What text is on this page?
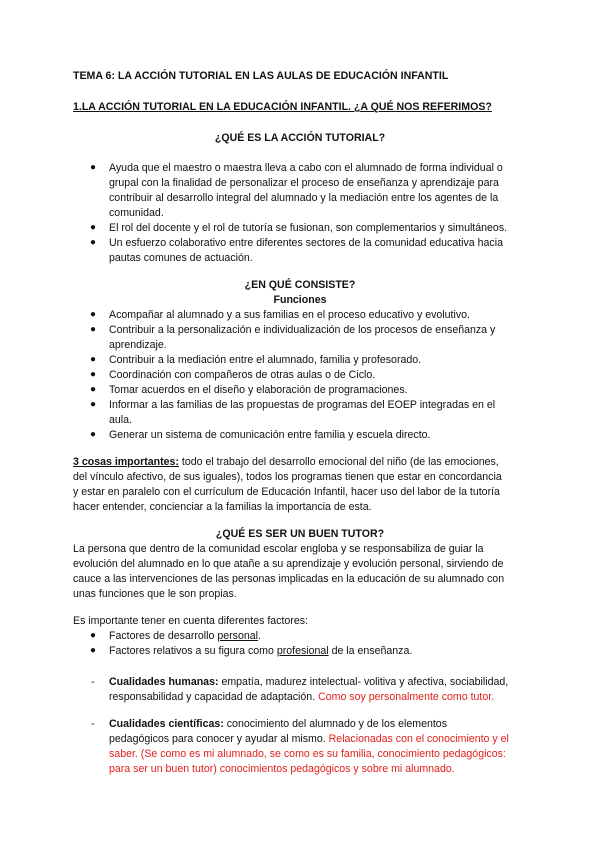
TEMA 6: LA ACCIÓN TUTORIAL EN LAS AULAS DE EDUCACIÓN INFANTIL
1.LA ACCIÓN TUTORIAL EN LA EDUCACIÓN INFANTIL. ¿A QUÉ NOS REFERIMOS?
¿QUÉ ES LA ACCIÓN TUTORIAL?
● Ayuda que el maestro o maestra lleva a cabo con el alumnado de forma individual o
grupal con la finalidad de personalizar el proceso de enseñanza y aprendizaje para
contribuir al desarrollo integral del alumnado y la mediación entre los agentes de la
comunidad.
● El rol del docente y el rol de tutoría se fusionan, son complementarios y simultáneos.
● Un esfuerzo colaborativo entre diferentes sectores de la comunidad educativa hacia
pautas comunes de actuación.
¿EN QUÉ CONSISTE?
Funciones
● Acompañar al alumnado y a sus familias en el proceso educativo y evolutivo.
● Contribuir a la personalización e individualización de los procesos de enseñanza y
aprendizaje.
● Contribuir a la mediación entre el alumnado, familia y profesorado.
● Coordinación con compañeros de otras aulas o de Ciclo.
● Tomar acuerdos en el diseño y elaboración de programaciones.
● Informar a las familias de las propuestas de programas del EOEP integradas en el
aula.
● Generar un sistema de comunicación entre familia y escuela directo.
3 cosas importantes: todo el trabajo del desarrollo emocional del niño (de las emociones,
del vínculo afectivo, de sus iguales), todos los programas tienen que estar en concordancia
y estar en paralelo con el currículum de Educación Infantil, hacer uso del labor de la tutoría
hacer entender, concienciar a la familias la importancia de esta.
¿QUÉ ES SER UN BUEN TUTOR?
La persona que dentro de la comunidad escolar engloba y se responsabiliza de guiar la
evolución del alumnado en lo que atañe a su aprendizaje y evolución personal, sirviendo de
cauce a las intervenciones de las personas implicadas en la educación de su alumnado con
unas funciones que le son propias.
Es importante tener en cuenta diferentes factores:
● Factores de desarrollo personal.
● Factores relativos a su figura como profesional de la enseñanza.
- Cualidades humanas: empatía, madurez intelectual- volitiva y afectiva, sociabilidad,
responsabilidad y capacidad de adaptación. Como soy personalmente como tutor.
- Cualidades científicas: conocimiento del alumnado y de los elementos
pedagógicos para conocer y ayudar al mismo. Relacionadas con el conocimiento y el
saber. (Se como es mi alumnado, se como es su familia, conocimiento pedagógicos:
para ser un buen tutor) conocimientos pedagógicos y sobre mi alumnado.
